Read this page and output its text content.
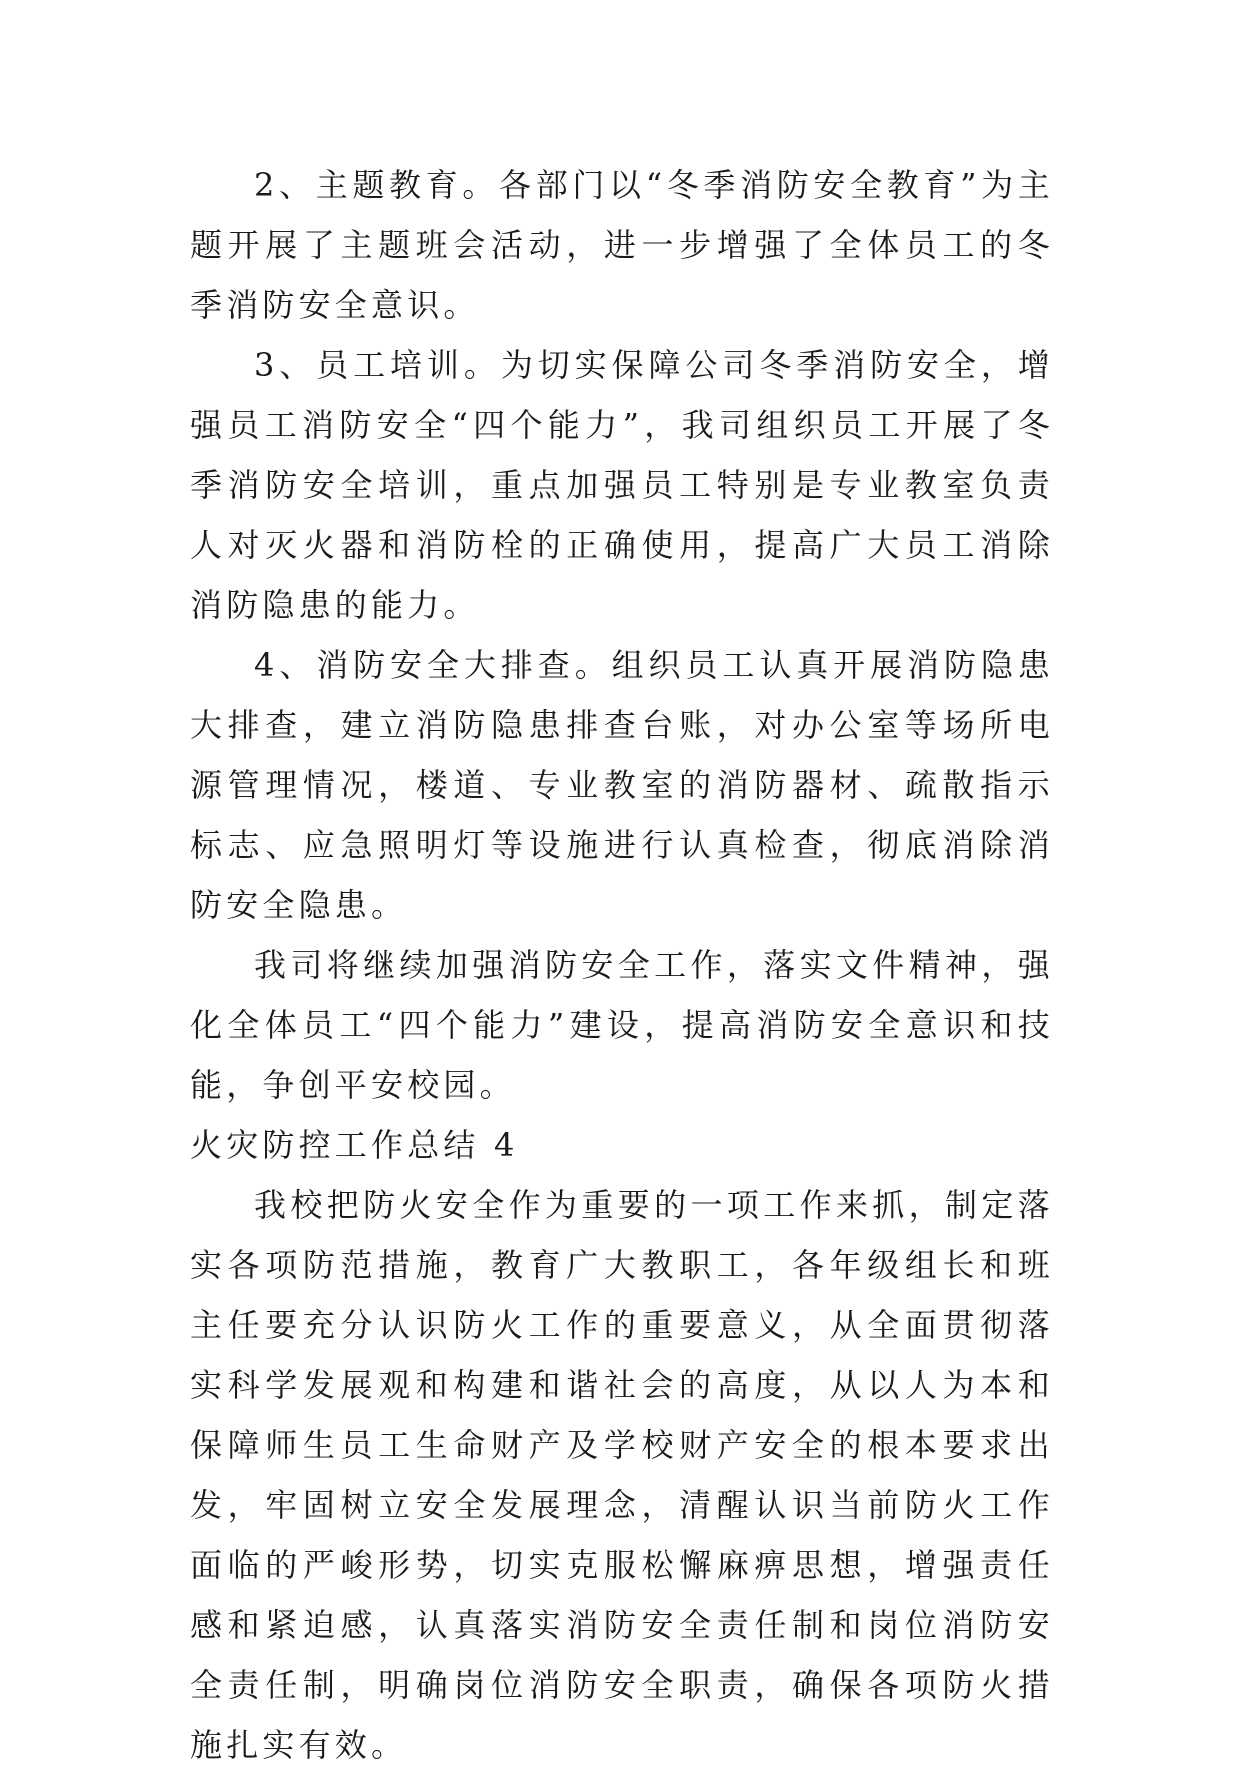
2、主题教育。各部门以“冬季消防安全教育”为主题开展了主题班会活动，进一步增强了全体员工的冬季消防安全意识。

3、员工培训。为切实保障公司冬季消防安全，增强员工消防安全“四个能力”，我司组织员工开展了冬季消防安全培训，重点加强员工特别是专业教室负责人对灭火器和消防栓的正确使用，提高广大员工消除消防隐患的能力。

4、消防安全大排查。组织员工认真开展消防隐患大排查，建立消防隐患排查台账，对办公室等场所电源管理情况，楼道、专业教室的消防器材、疏散指示标志、应急照明灯等设施进行认真检查，彻底消除消防安全隐患。

我司将继续加强消防安全工作，落实文件精神，强化全体员工“四个能力”建设，提高消防安全意识和技能，争创平安校园。

火灾防控工作总结 4

我校把防火安全作为重要的一项工作来抓，制定落实各项防范措施，教育广大教职工，各年级组长和班主任要充分认识防火工作的重要意义，从全面贯彻落实科学发展观和构建和谐社会的高度，从以人为本和保障师生员工生命财产及学校财产安全的根本要求出发，牢固树立安全发展理念，清醒认识当前防火工作面临的严峻形势，切实克服松懈麻痹思想，增强责任感和紧迫感，认真落实消防安全责任制和岗位消防安全责任制，明确岗位消防安全职责，确保各项防火措施扎实有效。
